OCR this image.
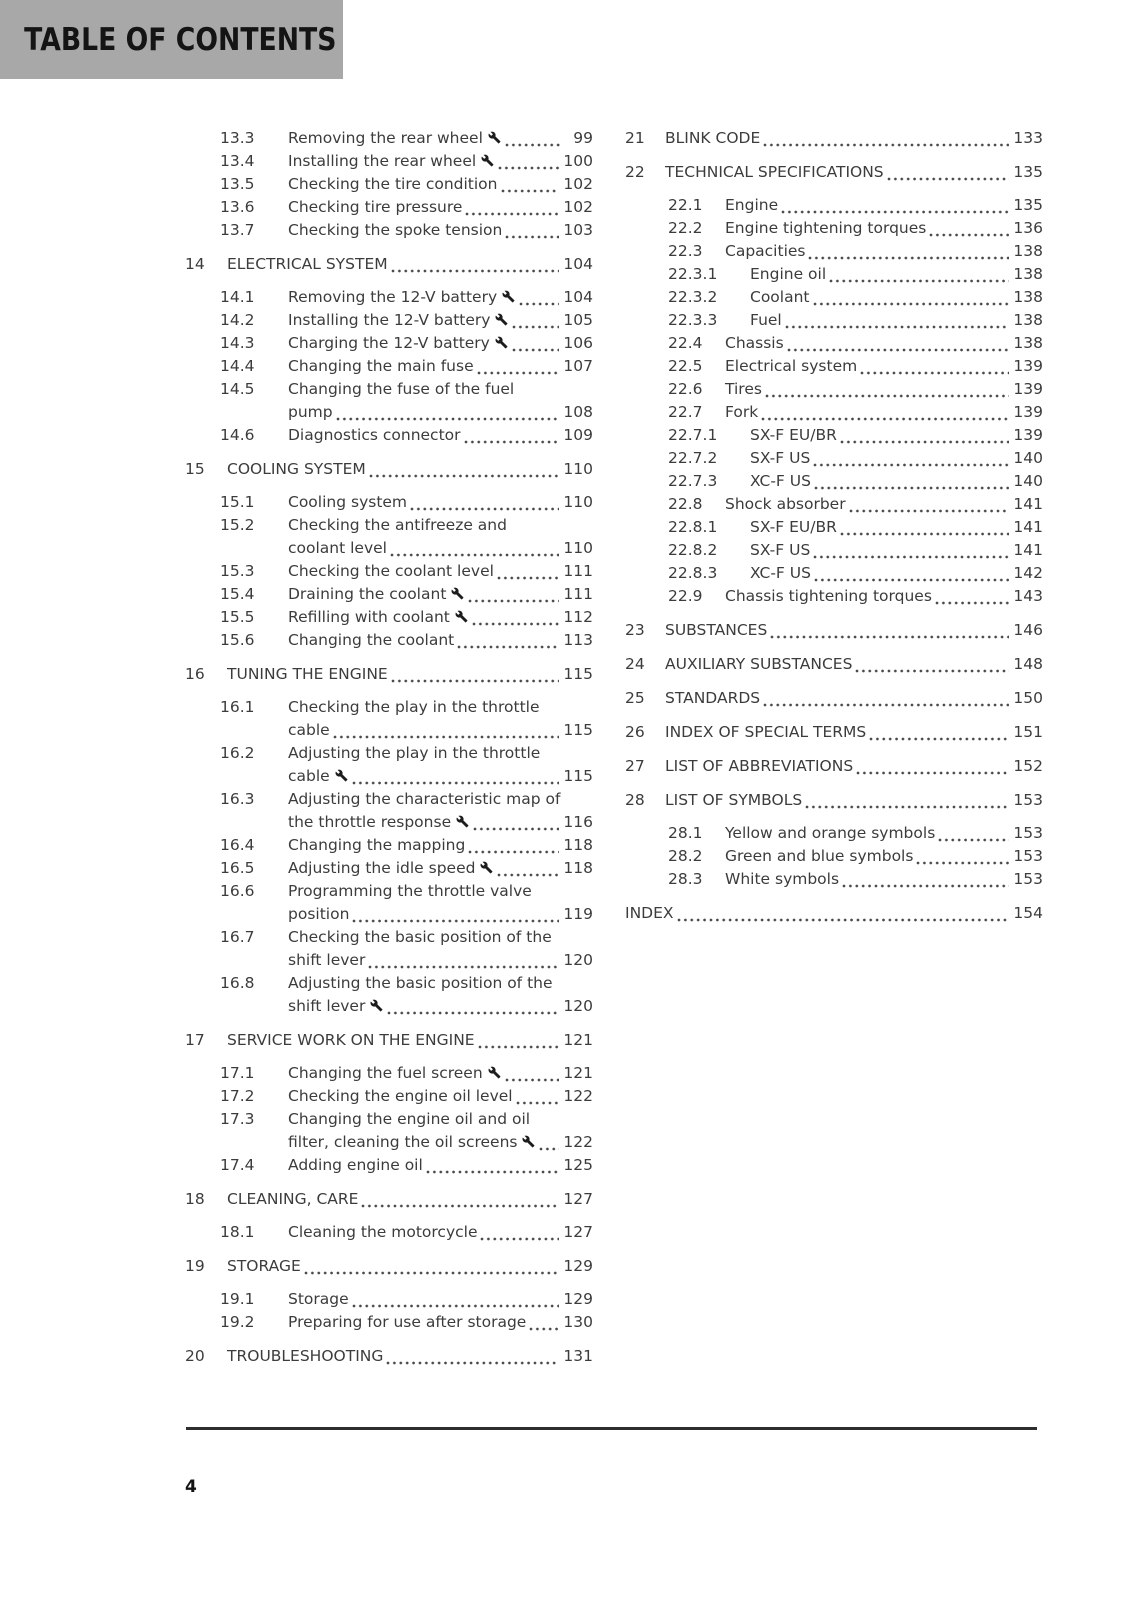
TABLE OF CONTENTS
13.3	Removing the rear wheel	99
13.4	Installing the rear wheel	100
13.5	Checking the tire condition	102
13.6	Checking tire pressure	102
13.7	Checking the spoke tension	103
14	ELECTRICAL SYSTEM	104
14.1	Removing the 12-V battery	104
14.2	Installing the 12-V battery	105
14.3	Charging the 12-V battery	106
14.4	Changing the main fuse	107
14.5	Changing the fuse of the fuel
pump	108
14.6	Diagnostics connector	109
15	COOLING SYSTEM	110
15.1	Cooling system	110
15.2	Checking the antifreeze and
coolant level	110
15.3	Checking the coolant level	111
15.4	Draining the coolant	111
15.5	Refilling with coolant	112
15.6	Changing the coolant	113
16	TUNING THE ENGINE	115
16.1	Checking the play in the throttle
cable	115
16.2	Adjusting the play in the throttle
cable	115
16.3	Adjusting the characteristic map of
the throttle response	116
16.4	Changing the mapping	118
16.5	Adjusting the idle speed	118
16.6	Programming the throttle valve
position	119
16.7	Checking the basic position of the
shift lever	120
16.8	Adjusting the basic position of the
shift lever	120
17	SERVICE WORK ON THE ENGINE	121
17.1	Changing the fuel screen	121
17.2	Checking the engine oil level	122
17.3	Changing the engine oil and oil
filter, cleaning the oil screens	122
17.4	Adding engine oil	125
18	CLEANING, CARE	127
18.1	Cleaning the motorcycle	127
19	STORAGE	129
19.1	Storage	129
19.2	Preparing for use after storage 130
20	TROUBLESHOOTING	131
21	BLINK CODE	133
22	TECHNICAL SPECIFICATIONS	135
22.1	Engine	135
22.2	Engine tightening torques	136
22.3	Capacities	138
22.3.1	Engine oil	138
22.3.2	Coolant	138
22.3.3	Fuel	138
22.4	Chassis	138
22.5	Electrical system	139
22.6	Tires	139
22.7	Fork	139
22.7.1	SX-F EU/BR	139
22.7.2	SX-F US	140
22.7.3	XC-F US	140
22.8	Shock absorber	141
22.8.1	SX-F EU/BR	141
22.8.2	SX-F US	141
22.8.3	XC-F US	142
22.9	Chassis tightening torques	143
23	SUBSTANCES	146
24	AUXILIARY SUBSTANCES	148
25	STANDARDS	150
26	INDEX OF SPECIAL TERMS	151
27	LIST OF ABBREVIATIONS	152
28	LIST OF SYMBOLS	153
28.1	Yellow and orange symbols	153
28.2	Green and blue symbols	153
28.3	White symbols	153
INDEX	154
4
